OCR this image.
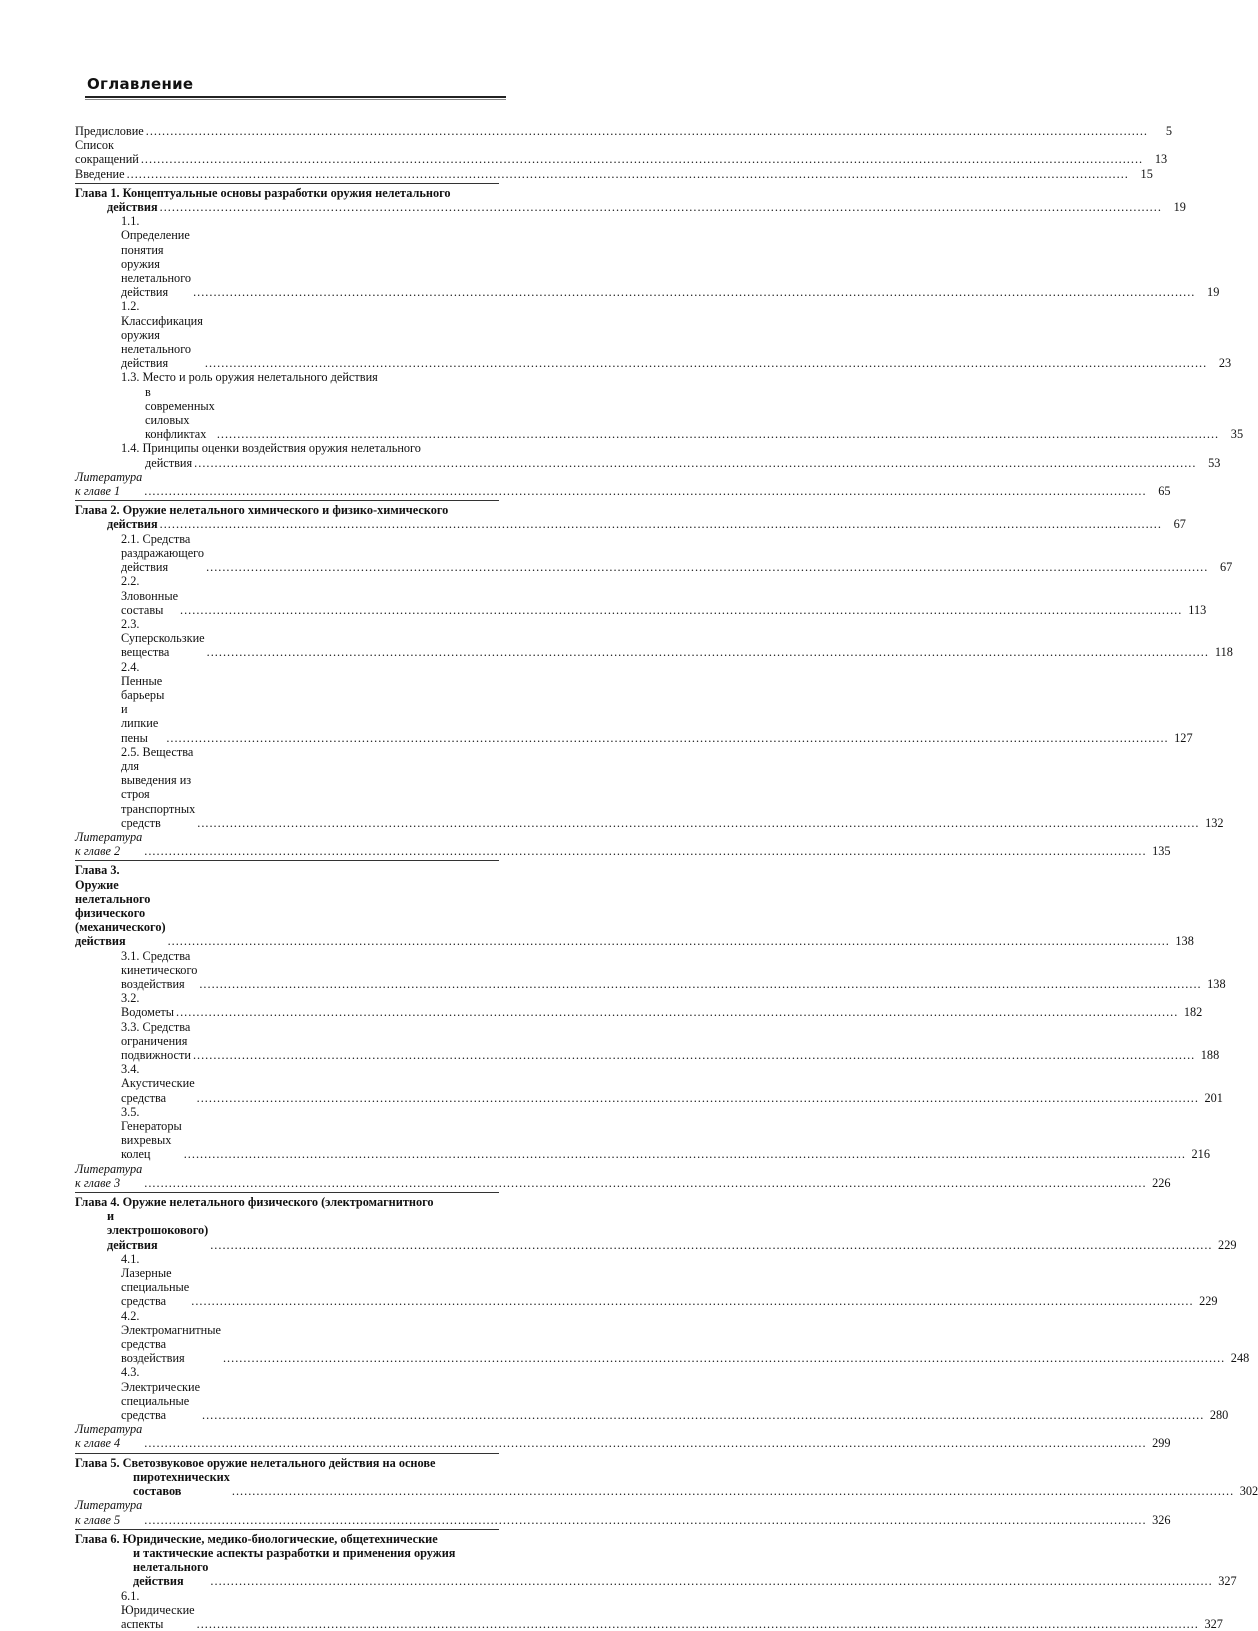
Оглавление
Предисловие .....	5
Список сокращений .....	13
Введение .....	15
Глава 1. Концептуальные основы разработки оружия нелетального
действия .....	19
1.1. Определение понятия оружия нелетального действия .....	19
1.2. Классификация оружия нелетального действия .....	23
1.3. Место и роль оружия нелетального действия
в современных силовых конфликтах .....	35
1.4. Принципы оценки воздействия оружия нелетального
действия .....	53
Литература к главе 1 .....	65
Глава 2. Оружие нелетального химического и физико-химического
действия .....	67
2.1. Средства раздражающего действия .....	67
2.2. Зловонные составы .....	113
2.3. Суперскользкие вещества .....	118
2.4. Пенные барьеры и липкие пены .....	127
2.5. Вещества для выведения из строя транспортных средств .....	132
Литература к главе 2 .....	135
Глава 3. Оружие нелетального физического (механического) действия .....	138
3.1. Средства кинетического воздействия .....	138
3.2. Водометы .....	182
3.3. Средства ограничения подвижности .....	188
3.4. Акустические средства .....	201
3.5. Генераторы вихревых колец .....	216
Литература к главе 3 .....	226
Глава 4. Оружие нелетального физического (электромагнитного
и электрошокового) действия .....	229
4.1. Лазерные специальные средства .....	229
4.2. Электромагнитные средства воздействия .....	248
4.3. Электрические специальные средства .....	280
Литература к главе 4 .....	299
Глава 5. Светозвуковое оружие нелетального действия на основе
пиротехнических составов .....	302
Литература к главе 5 .....	326
Глава 6. Юридические, медико-биологические, общетехнические
и тактические аспекты разработки и применения оружия
нелетального действия .....	327
6.1. Юридические аспекты .....	327
